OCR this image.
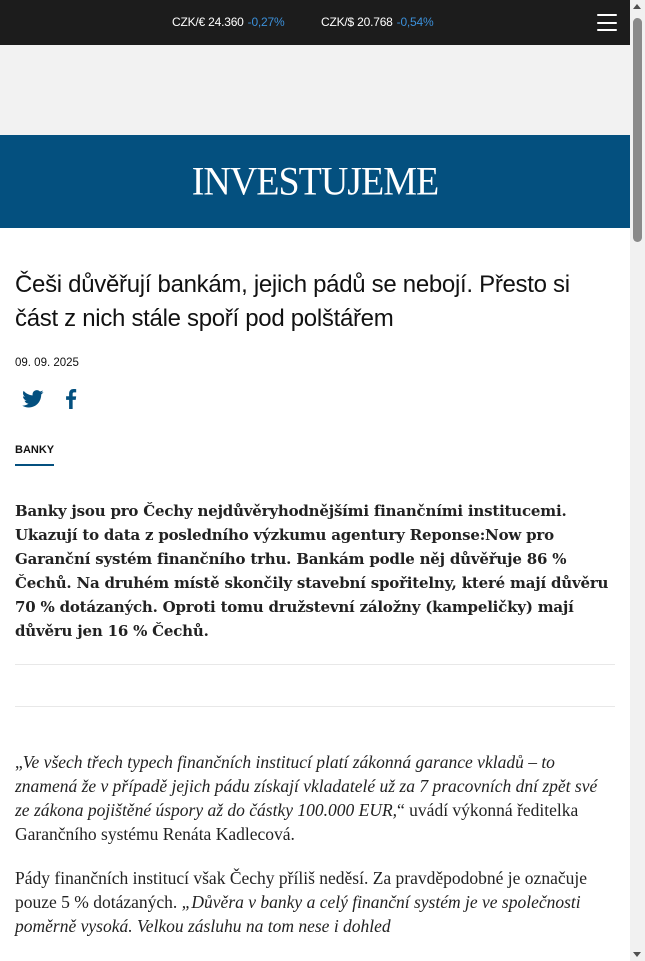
CZK/€ 24.360 -0,27%	CZK/$ 20.768 -0,54%
INVESTUJEME
Češi důvěřují bankám, jejich pádů se nebojí. Přesto si část z nich stále spoří pod polštářem
09. 09. 2025
BANKY

Banky jsou pro Čechy nejdůvěryhodnějšími finančními institucemi. Ukazují to data z posledního výzkumu agentury Reponse:Now pro Garanční systém finančního trhu. Bankám podle něj důvěřuje 86 % Čechů. Na druhém místě skončily stavební spořitelny, které mají důvěru 70 % dotázaných. Oproti tomu družstevní záložny (kampeličky) mají důvěru jen 16 % Čechů.

„Ve všech třech typech finančních institucí platí zákonná garance vkladů – to znamená že v případě jejich pádu získají vkladatelé už za 7 pracovních dní zpět své ze zákona pojištěné úspory až do částky 100.000 EUR,“ uvádí výkonná ředitelka Garančního systému Renáta Kadlecová.

Pády finančních institucí však Čechy příliš neděsí. Za pravděpodobné je označuje pouze 5 % dotázaných. „Důvěra v banky a celý finanční systém je ve společnosti poměrně vysoká. Velkou zásluhu na tom nese i dohled
